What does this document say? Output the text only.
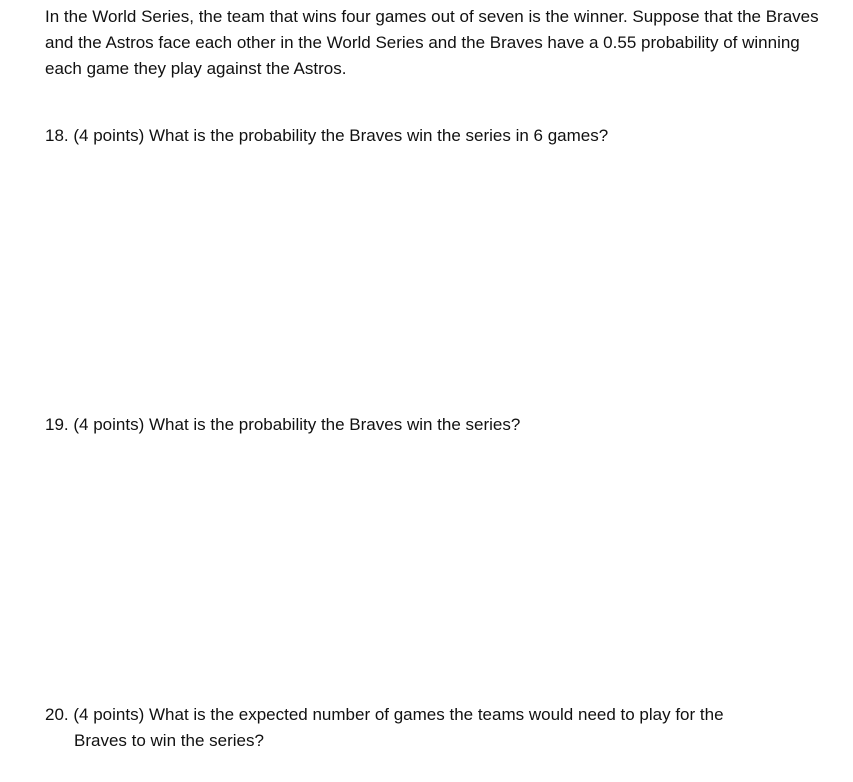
In the World Series, the team that wins four games out of seven is the winner. Suppose that the Braves and the Astros face each other in the World Series and the Braves have a 0.55 probability of winning each game they play against the Astros.

18. (4 points) What is the probability the Braves win the series in 6 games?

19. (4 points) What is the probability the Braves win the series?

20. (4 points) What is the expected number of games the teams would need to play for the
Braves to win the series?
